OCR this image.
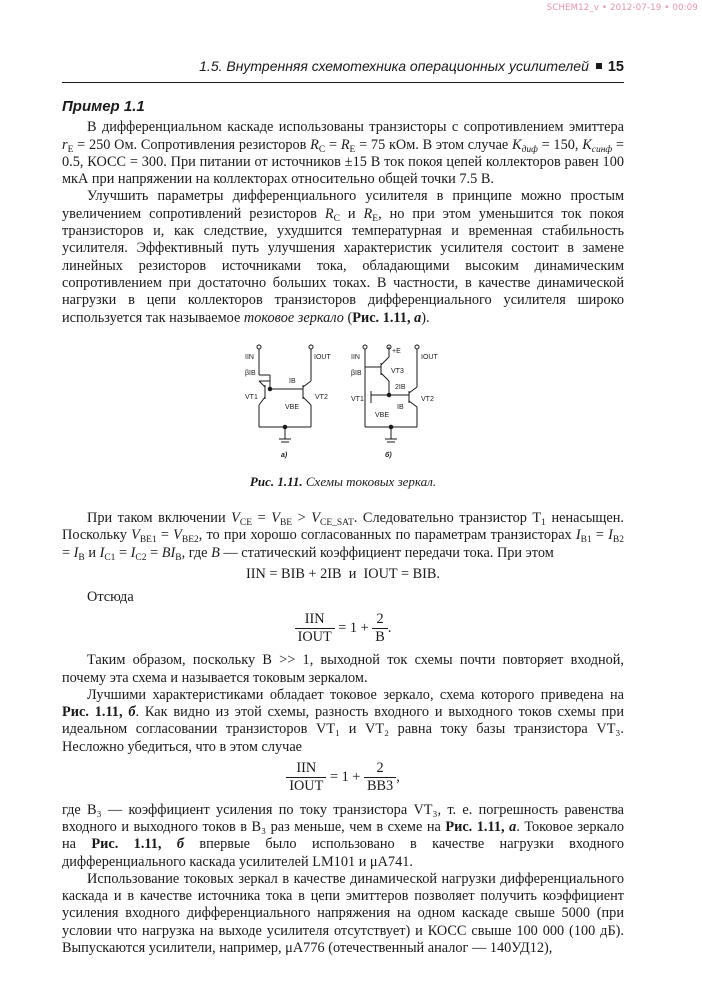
SCHEM12_v • 2012-07-19 • 00:09
1.5. Внутренняя схемотехника операционных усилителей 15
Пример 1.1

В дифференциальном каскаде использованы транзисторы с сопротивлением эмиттера $r_E = 250$ Ом. Сопротивления резисторов $R_C = R_E = 75$ кОм. В этом случае $K_{диф} = 150$, $K_{синф} = 0.5$, КОСС = 300. При питании от источников ±15 В ток покоя цепей коллекторов равен 100 мкА при напряжении на коллекторах относительно общей точки 7.5 В.

Улучшить параметры дифференциального усилителя в принципе можно простым увеличением сопротивлений резисторов $R_C$ и $R_E$, но при этом уменьшится ток покоя транзисторов и, как следствие, ухудшится температурная и временная стабильность усилителя. Эффективный путь улучшения характеристик усилителя состоит в замене линейных резисторов источниками тока, обладающими высоким динамическим сопротивлением при достаточно больших токах. В частности, в качестве динамической нагрузки в цепи коллекторов транзисторов дифференциального усилителя широко используется так называемое токовое зеркало (Рис. 1.11, а).

IIN
βIB
VT1
IB
VBE
IOUT
VT2
а)
IIN
βIB
VT1
+E
VT3
2IB
IB
VBE
IOUT
VT2
б)
Рис. 1.11. Схемы токовых зеркал.

При таком включении $V_{CE} = V_{BE} > V_{CE\_SAT}$. Следовательно транзистор $T_1$ ненасыщен. Поскольку $V_{BE1} = V_{BE2}$, то при хорошо согласованных по параметрам транзисторах $I_{B1} = I_{B2} = I_B$ и $I_{C1} = I_{C2} = BI_B$, где B — статический коэффициент передачи тока. При этом

IIN = BIB + 2IB и IOUT = BIB.

Отсюда

$\frac{\text{IIN}}{\text{IOUT}} = 1 + \frac{2}{B}$ .

Таким образом, поскольку B >> 1, выходной ток схемы почти повторяет входной, почему эта схема и называется токовым зеркалом.

Лучшими характеристиками обладает токовое зеркало, схема которого приведена на Рис. 1.11, б. Как видно из этой схемы, разность входного и выходного токов схемы при идеальном согласовании транзисторов VT₁ и VT₂ равна току базы транзистора VT₃. Несложно убедиться, что в этом случае

$\frac{\text{IIN}}{\text{IOUT}} = 1 + \frac{2}{BB3}$ ,

где B₃ — коэффициент усиления по току транзистора VT₃, т. е. погрешность равенства входного и выходного токов в B₃ раз меньше, чем в схеме на Рис. 1.11, а. Токовое зеркало на Рис. 1.11, б впервые было использовано в качестве нагрузки входного дифференциального каскада усилителей LM101 и μA741.

Использование токовых зеркал в качестве динамической нагрузки дифференциального каскада и в качестве источника тока в цепи эмиттеров позволяет получить коэффициент усиления входного дифференциального напряжения на одном каскаде свыше 5000 (при условии что нагрузка на выходе усилителя отсутствует) и КОСС свыше 100 000 (100 дБ). Выпускаются усилители, например, μA776 (отечественный аналог — 140УД12),
